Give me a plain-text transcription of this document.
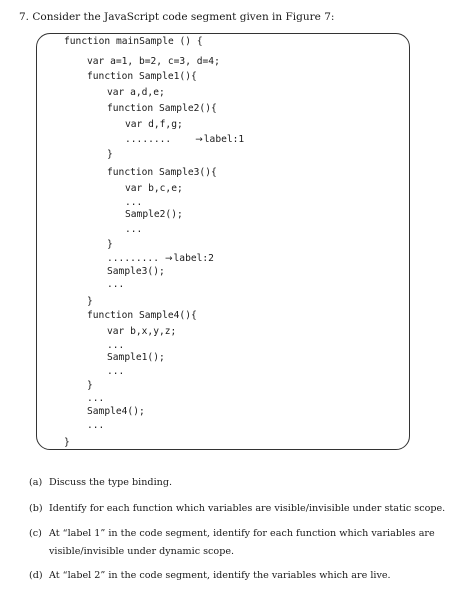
7. Consider the JavaScript code segment given in Figure 7:
function mainSample () {
var a=1, b=2, c=3, d=4;
function Sample1(){
var a,d,e;
function Sample2(){
var d,f,g;
........	→label:1
}
function Sample3(){
var b,c,e;
...
Sample2();
...
}
......... →label:2
Sample3();
...
}
function Sample4(){
var b,x,y,z;
...
Sample1();
...
}
...
Sample4();
...
}
(a) Discuss the type binding.
(b) Identify for each function which variables are visible/invisible under static scope.
(c) At “label 1” in the code segment, identify for each function which variables are
visible/invisible under dynamic scope.
(d) At “label 2” in the code segment, identify the variables which are live.
